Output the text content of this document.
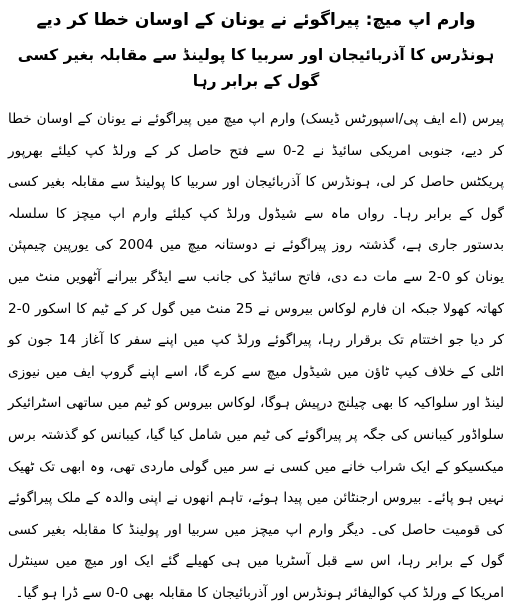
وارم اپ میچ: پیراگوئے نے یونان کے اوسان خطا کر دیے
ہونڈرس کا آذربائیجان اور سربیا کا پولینڈ سے مقابلہ بغیر کسی گول کے برابر رہا

پیرس (اے ایف پی/اسپورٹس ڈیسک) وارم اپ میچ میں پیراگوئے نے یونان کے اوسان خطا کر دیے، جنوبی امریکی سائیڈ نے 2-0 سے فتح حاصل کر کے ورلڈ کپ کیلئے بھرپور پریکٹس حاصل کر لی، ہونڈرس کا آذربائیجان اور سربیا کا پولینڈ سے مقابلہ بغیر کسی گول کے برابر رہا۔ رواں ماہ سے شیڈول ورلڈ کپ کیلئے وارم اپ میچز کا سلسلہ بدستور جاری ہے، گذشتہ روز پیراگوئے نے دوستانہ میچ میں 2004 کی یورپین چیمپئن یونان کو 0-2 سے مات دے دی، فاتح سائیڈ کی جانب سے ایڈگر بیرانے آٹھویں منٹ میں کھاتہ کھولا جبکہ ان فارم لوکاس بیروس نے 25 منٹ میں گول کر کے ٹیم کا اسکور 0-2 کر دیا جو اختتام تک برقرار رہا، پیراگوئے ورلڈ کپ میں اپنے سفر کا آغاز 14 جون کو اٹلی کے خلاف کیپ ٹاؤن میں شیڈول میچ سے کرے گا، اسے اپنے گروپ ایف میں نیوزی لینڈ اور سلواکیہ کا بھی چیلنج درپیش ہوگا، لوکاس بیروس کو ٹیم میں ساتھی اسٹرائیکر سلواڈور کیبانس کی جگہ پر پیراگوئے کی ٹیم میں شامل کیا گیا، کیبانس کو گذشتہ برس میکسیکو کے ایک شراب خانے میں کسی نے سر میں گولی ماردی تھی، وہ ابھی تک ٹھیک نہیں ہو پائے۔ بیروس ارجنٹائن میں پیدا ہوئے، تاہم انھوں نے اپنی والدہ کے ملک پیراگوئے کی قومیت حاصل کی۔ دیگر وارم اپ میچز میں سربیا اور پولینڈ کا مقابلہ بغیر کسی گول کے برابر رہا، اس سے قبل آسٹریا میں ہی کھیلے گئے ایک اور میچ میں سینٹرل امریکا کے ورلڈ کپ کوالیفائر ہونڈرس اور آذربائیجان کا مقابلہ بھی 0-0 سے ڈرا ہو گیا۔
